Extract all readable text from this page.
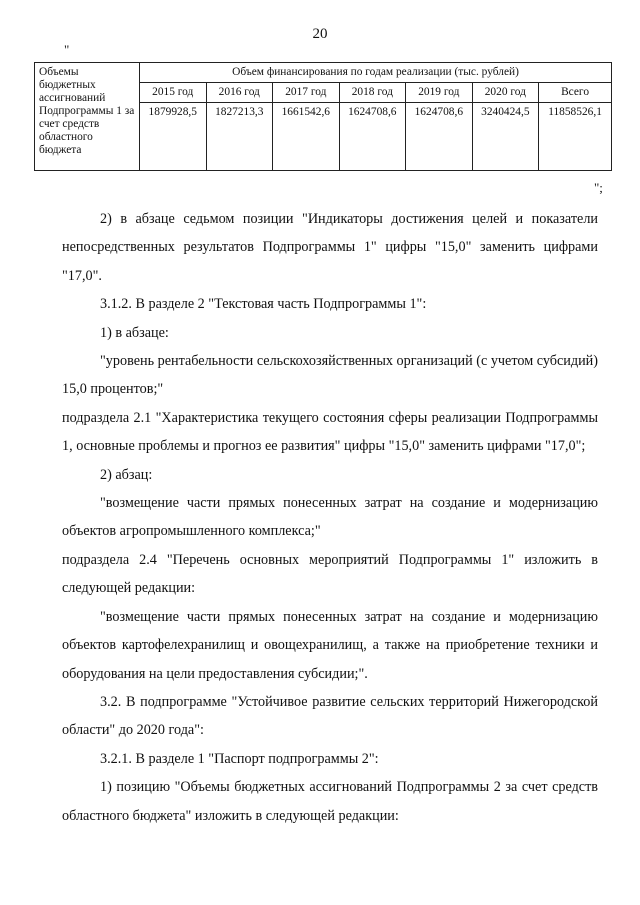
20
"
Объемы бюджетных ассигнований Подпрограммы 1 за счет средств областного бюджета	Объем финансирования по годам реализации (тыс. рублей)						
	2015 год	2016 год	2017 год	2018 год	2019 год	2020 год	Всего
	1879928,5	1827213,3	1661542,6	1624708,6	1624708,6	3240424,5	11858526,1
";

2) в абзаце седьмом позиции "Индикаторы достижения целей и показатели непосредственных результатов Подпрограммы 1" цифры "15,0" заменить цифрами "17,0".

3.1.2. В разделе 2 "Текстовая часть Подпрограммы 1":

1) в абзаце:

"уровень рентабельности сельскохозяйственных организаций (с учетом субсидий) 15,0 процентов;"

подраздела 2.1 "Характеристика текущего состояния сферы реализации Подпрограммы 1, основные проблемы и прогноз ее развития" цифры "15,0" заменить цифрами "17,0";

2) абзац:

"возмещение части прямых понесенных затрат на создание и модернизацию объектов агропромышленного комплекса;"

подраздела 2.4 "Перечень основных мероприятий Подпрограммы 1" изложить в следующей редакции:

"возмещение части прямых понесенных затрат на создание и модернизацию объектов картофелехранилищ и овощехранилищ, а также на приобретение техники и оборудования на цели предоставления субсидии;".

3.2. В подпрограмме "Устойчивое развитие сельских территорий Нижегородской области" до 2020 года":

3.2.1. В разделе 1 "Паспорт подпрограммы 2":

1) позицию "Объемы бюджетных ассигнований Подпрограммы 2 за счет средств областного бюджета" изложить в следующей редакции:
